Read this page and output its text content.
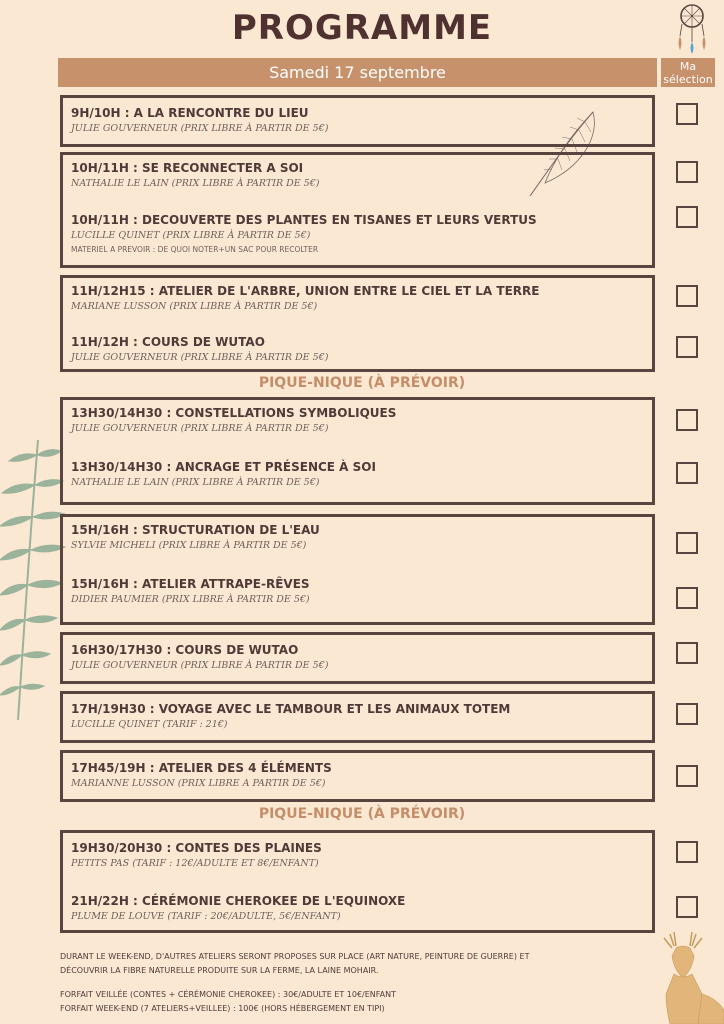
PROGRAMME
Samedi 17 septembre	Ma sélection
9H/10H : A LA RENCONTRE DU LIEU
JULIE GOUVERNEUR (PRIX LIBRE À PARTIR DE 5€)
10H/11H : SE RECONNECTER A SOI
NATHALIE LE LAIN (PRIX LIBRE À PARTIR DE 5€)
10H/11H : DECOUVERTE DES PLANTES EN TISANES ET LEURS VERTUS
LUCILLE QUINET (PRIX LIBRE À PARTIR DE 5€)
MATERIEL A PREVOIR : DE QUOI NOTER+UN SAC POUR RECOLTER
11H/12H15 : ATELIER DE L'ARBRE, UNION ENTRE LE CIEL ET LA TERRE
MARIANE LUSSON (PRIX LIBRE À PARTIR DE 5€)
11H/12H : COURS DE WUTAO
JULIE GOUVERNEUR (PRIX LIBRE À PARTIR DE 5€)
PIQUE-NIQUE (À PRÉVOIR)
13H30/14H30 : CONSTELLATIONS SYMBOLIQUES
JULIE GOUVERNEUR (PRIX LIBRE À PARTIR DE 5€)
13H30/14H30 : ANCRAGE ET PRÉSENCE À SOI
NATHALIE LE LAIN (PRIX LIBRE À PARTIR DE 5€)
15H/16H : STRUCTURATION DE L'EAU
SYLVIE MICHELI (PRIX LIBRE À PARTIR DE 5€)
15H/16H : ATELIER ATTRAPE-RÊVES
DIDIER PAUMIER (PRIX LIBRE À PARTIR DE 5€)
16H30/17H30 : COURS DE WUTAO
JULIE GOUVERNEUR (PRIX LIBRE À PARTIR DE 5€)
17H/19H30 : VOYAGE AVEC LE TAMBOUR ET LES ANIMAUX TOTEM
LUCILLE QUINET (TARIF : 21€)
17H45/19H : ATELIER DES 4 ÉLÉMENTS
MARIANNE LUSSON (PRIX LIBRE A PARTIR DE 5€)
PIQUE-NIQUE (À PRÉVOIR)
19H30/20H30 : CONTES DES PLAINES
PETITS PAS (TARIF : 12€/ADULTE ET 8€/ENFANT)
21H/22H : CÉRÉMONIE CHEROKEE DE L'EQUINOXE
PLUME DE LOUVE (TARIF : 20€/ADULTE, 5€/ENFANT)
DURANT LE WEEK-END, D'AUTRES ATELIERS SERONT PROPOSES SUR PLACE (ART NATURE, PEINTURE DE GUERRE) ET
DÉCOUVRIR LA FIBRE NATURELLE PRODUITE SUR LA FERME, LA LAINE MOHAIR.
FORFAIT VEILLÉE (CONTES + CÉRÉMONIE CHEROKEE) : 30€/ADULTE ET 10€/ENFANT
FORFAIT WEEK-END (7 ATELIERS+VEILLEE) : 100€ (HORS HÉBERGEMENT EN TIPI)
